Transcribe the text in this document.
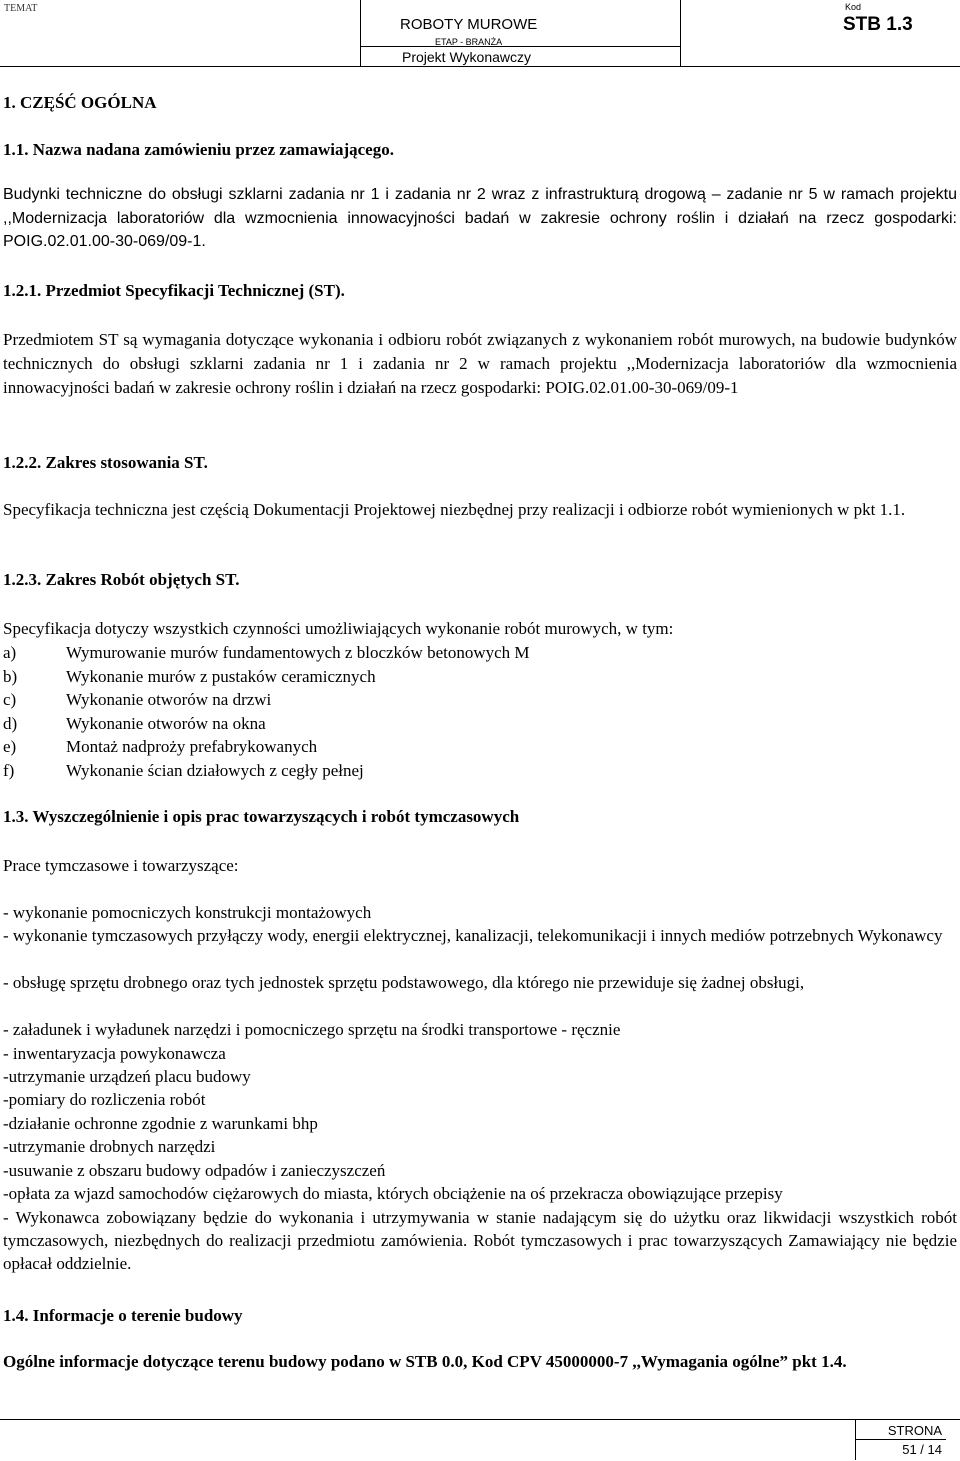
TEMAT
ROBOTY MUROWE
ETAP - BRANŻA
Projekt Wykonawczy
Kod
STB 1.3
1. CZĘŚĆ OGÓLNA
1.1. Nazwa nadana zamówieniu przez zamawiającego.
Budynki techniczne do obsługi szklarni zadania nr 1 i zadania nr 2 wraz z infrastrukturą drogową – zadanie nr 5 w ramach projektu ,,Modernizacja laboratoriów dla wzmocnienia innowacyjności badań w zakresie ochrony roślin i działań na rzecz gospodarki: POIG.02.01.00-30-069/09-1.
1.2.1. Przedmiot Specyfikacji Technicznej (ST).
Przedmiotem ST są wymagania dotyczące wykonania i odbioru robót związanych z wykonaniem robót murowych, na budowie budynków technicznych do obsługi szklarni zadania nr 1 i zadania nr 2 w ramach projektu ,,Modernizacja laboratoriów dla wzmocnienia innowacyjności badań w zakresie ochrony roślin i działań na rzecz gospodarki: POIG.02.01.00-30-069/09-1
1.2.2. Zakres stosowania ST.
Specyfikacja techniczna jest częścią Dokumentacji Projektowej niezbędnej przy realizacji i odbiorze robót wymienionych w pkt 1.1.
1.2.3. Zakres Robót objętych ST.
Specyfikacja dotyczy wszystkich czynności umożliwiających wykonanie robót murowych, w tym:
a)	Wymurowanie murów fundamentowych z bloczków betonowych M
b)	Wykonanie murów z pustaków ceramicznych
c)	Wykonanie otworów na drzwi
d)	Wykonanie otworów na okna
e)	Montaż nadproży prefabrykowanych
f)	Wykonanie ścian działowych z cegły pełnej
1.3. Wyszczególnienie i opis prac towarzyszących i robót tymczasowych
Prace tymczasowe i towarzyszące:
- wykonanie pomocniczych konstrukcji montażowych
- wykonanie tymczasowych przyłączy wody, energii elektrycznej, kanalizacji, telekomunikacji i innych mediów potrzebnych Wykonawcy
- obsługę sprzętu drobnego oraz tych jednostek sprzętu podstawowego, dla którego nie przewiduje się żadnej obsługi,
- załadunek i wyładunek narzędzi i pomocniczego sprzętu na środki transportowe - ręcznie
- inwentaryzacja powykonawcza
-utrzymanie urządzeń placu budowy
-pomiary do rozliczenia robót
-działanie ochronne zgodnie z warunkami bhp
-utrzymanie drobnych narzędzi
-usuwanie z obszaru budowy odpadów i zanieczyszczeń
-opłata za wjazd samochodów ciężarowych do miasta, których obciążenie na oś przekracza obowiązujące przepisy
- Wykonawca zobowiązany będzie do wykonania i utrzymywania w stanie nadającym się do użytku oraz likwidacji wszystkich robót tymczasowych, niezbędnych do realizacji przedmiotu zamówienia. Robót tymczasowych i prac towarzyszących Zamawiający nie będzie opłacał oddzielnie.
1.4. Informacje o terenie budowy
Ogólne informacje dotyczące terenu budowy podano w STB 0.0, Kod CPV 45000000-7 ,,Wymagania ogólne” pkt 1.4.
STRONA
51 / 14
